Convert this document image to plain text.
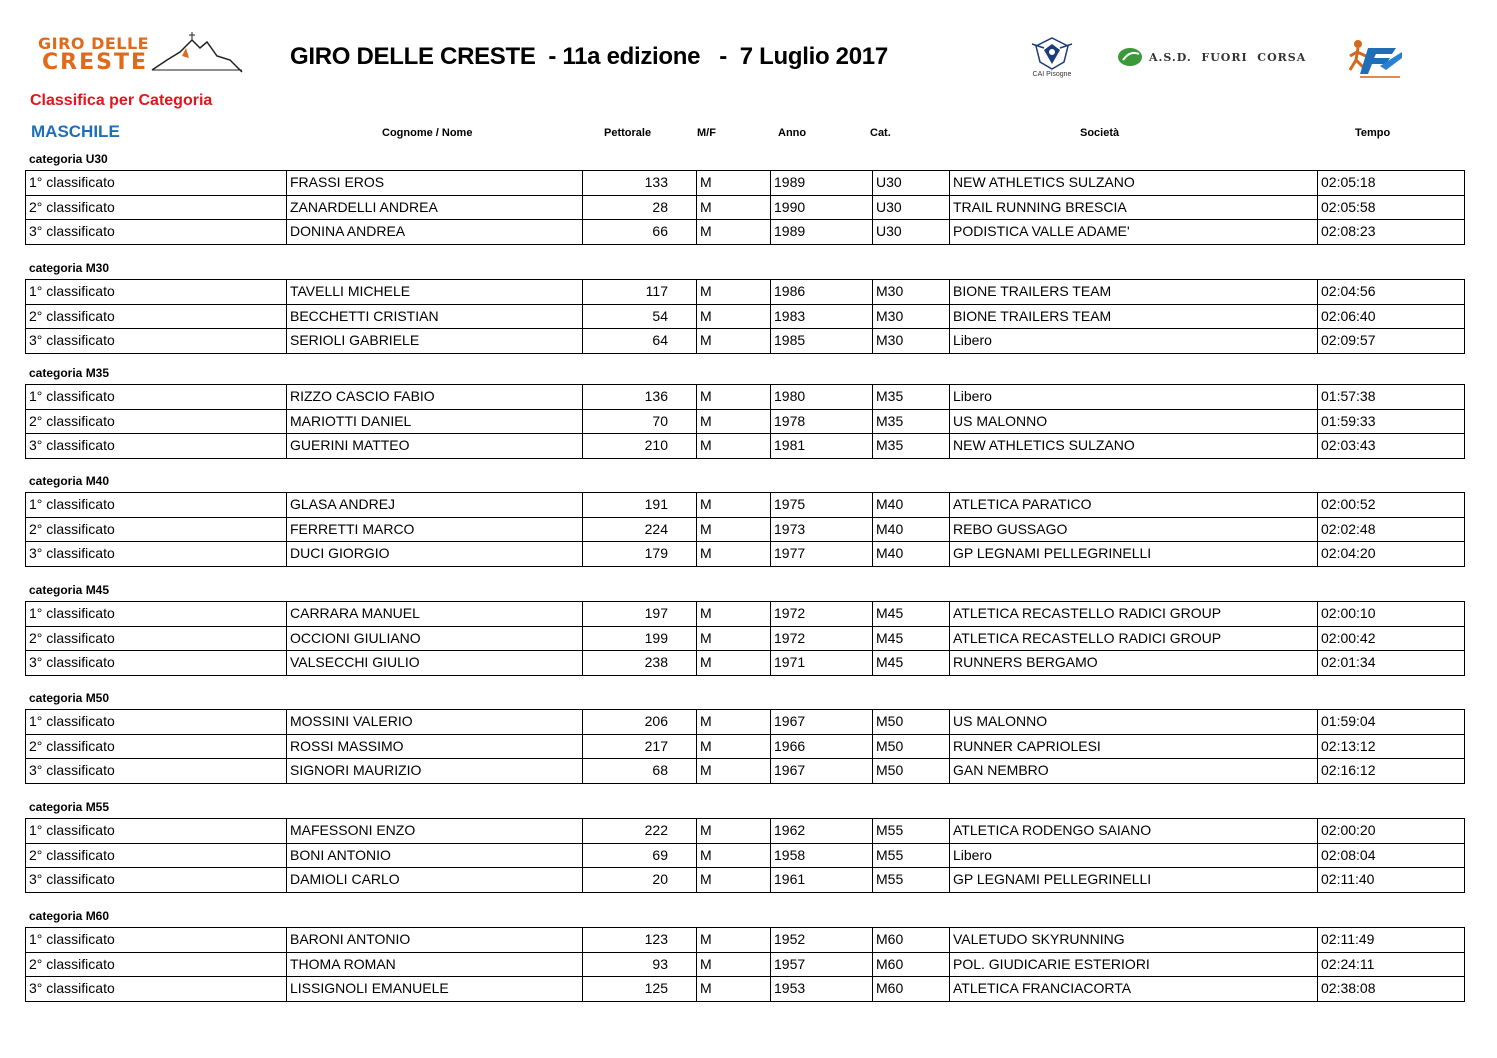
GIRO DELLE
CRESTE	GIRO DELLE CRESTE  - 11a edizione   -  7 Luglio 2017
CAI Pisogne
A.S.D.  FUORI  CORSA
Classifica per Categoria
MASCHILE	Cognome / Nome	Pettorale	M/F	Anno	Cat.	Società	Tempo
categoria U30
1° classificato	FRASSI EROS	133	M	1989	U30	NEW ATHLETICS SULZANO	02:05:18
2° classificato	ZANARDELLI ANDREA	28	M	1990	U30	TRAIL RUNNING BRESCIA	02:05:58
3° classificato	DONINA ANDREA	66	M	1989	U30	PODISTICA VALLE ADAME'	02:08:23
categoria M30
1° classificato	TAVELLI MICHELE	117	M	1986	M30	BIONE TRAILERS TEAM	02:04:56
2° classificato	BECCHETTI CRISTIAN	54	M	1983	M30	BIONE TRAILERS TEAM	02:06:40
3° classificato	SERIOLI GABRIELE	64	M	1985	M30	Libero	02:09:57
categoria M35
1° classificato	RIZZO CASCIO FABIO	136	M	1980	M35	Libero	01:57:38
2° classificato	MARIOTTI DANIEL	70	M	1978	M35	US MALONNO	01:59:33
3° classificato	GUERINI MATTEO	210	M	1981	M35	NEW ATHLETICS SULZANO	02:03:43
categoria M40
1° classificato	GLASA ANDREJ	191	M	1975	M40	ATLETICA PARATICO	02:00:52
2° classificato	FERRETTI MARCO	224	M	1973	M40	REBO GUSSAGO	02:02:48
3° classificato	DUCI GIORGIO	179	M	1977	M40	GP LEGNAMI PELLEGRINELLI	02:04:20
categoria M45
1° classificato	CARRARA MANUEL	197	M	1972	M45	ATLETICA RECASTELLO RADICI GROUP	02:00:10
2° classificato	OCCIONI GIULIANO	199	M	1972	M45	ATLETICA RECASTELLO RADICI GROUP	02:00:42
3° classificato	VALSECCHI GIULIO	238	M	1971	M45	RUNNERS BERGAMO	02:01:34
categoria M50
1° classificato	MOSSINI VALERIO	206	M	1967	M50	US MALONNO	01:59:04
2° classificato	ROSSI MASSIMO	217	M	1966	M50	RUNNER CAPRIOLESI	02:13:12
3° classificato	SIGNORI MAURIZIO	68	M	1967	M50	GAN NEMBRO	02:16:12
categoria M55
1° classificato	MAFESSONI ENZO	222	M	1962	M55	ATLETICA RODENGO SAIANO	02:00:20
2° classificato	BONI ANTONIO	69	M	1958	M55	Libero	02:08:04
3° classificato	DAMIOLI CARLO	20	M	1961	M55	GP LEGNAMI PELLEGRINELLI	02:11:40
categoria M60
1° classificato	BARONI ANTONIO	123	M	1952	M60	VALETUDO SKYRUNNING	02:11:49
2° classificato	THOMA ROMAN	93	M	1957	M60	POL. GIUDICARIE ESTERIORI	02:24:11
3° classificato	LISSIGNOLI EMANUELE	125	M	1953	M60	ATLETICA FRANCIACORTA	02:38:08
